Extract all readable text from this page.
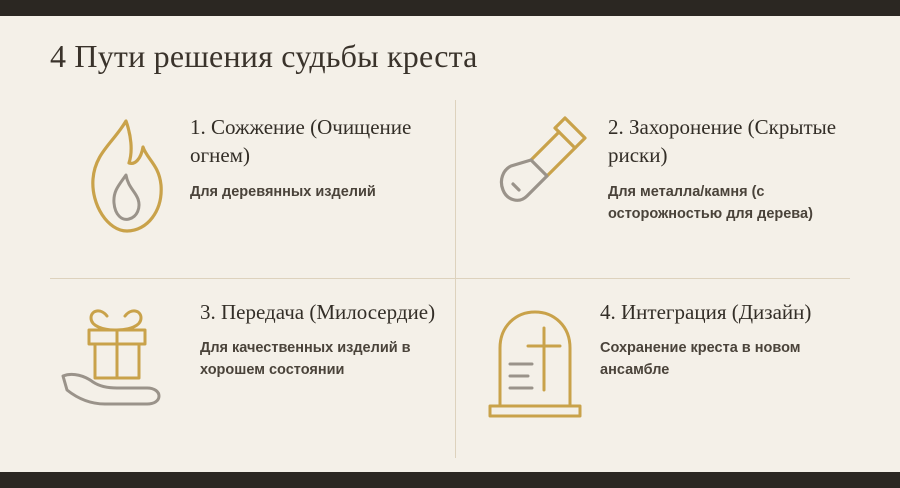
4 Пути решения судьбы креста

1. Сожжение (Очищение огнем)

Для деревянных изделий

2. Захоронение (Скрытые риски)

Для металла/камня (с осторожностью для дерева)

3. Передача (Милосердие)

Для качественных изделий в хорошем состоянии

4. Интеграция (Дизайн)

Сохранение креста в новом ансамбле
